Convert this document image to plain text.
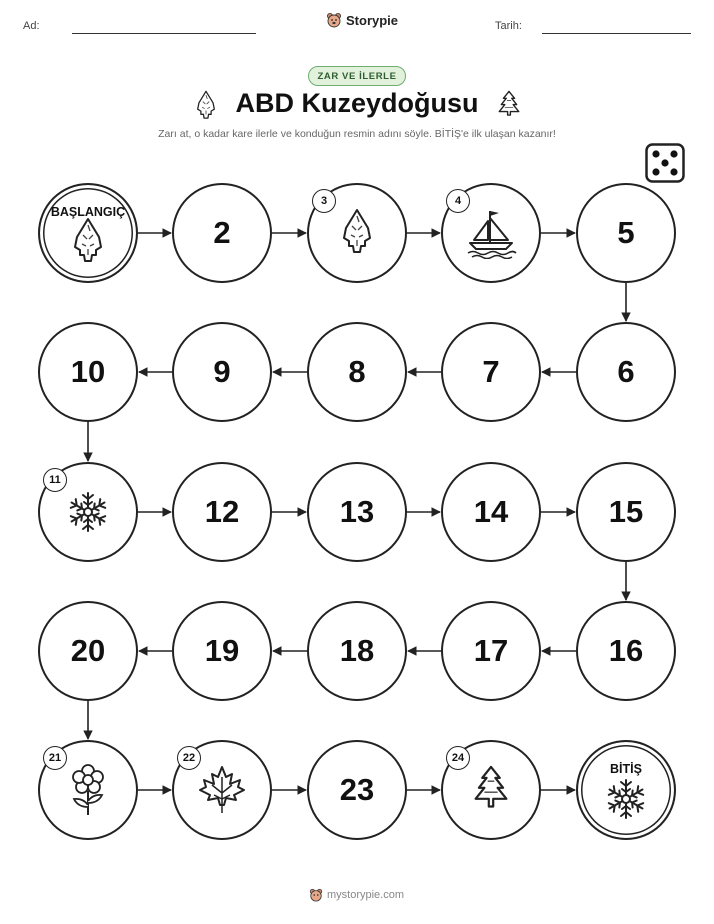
Ad:	Storypie	Tarih:
ZAR VE İLERLE
ABD Kuzeydoğusu
Zarı at, o kadar kare ilerle ve konduğun resmin adını söyle. BİTİŞ'e ilk ulaşan kazanır!
BAŞLANGIÇ
2
3	4
5
6
7
8
9
10
11
12	13	14	15
16
17
18
19
20
21	22
23
24
BİTİŞ
mystorypie.com
